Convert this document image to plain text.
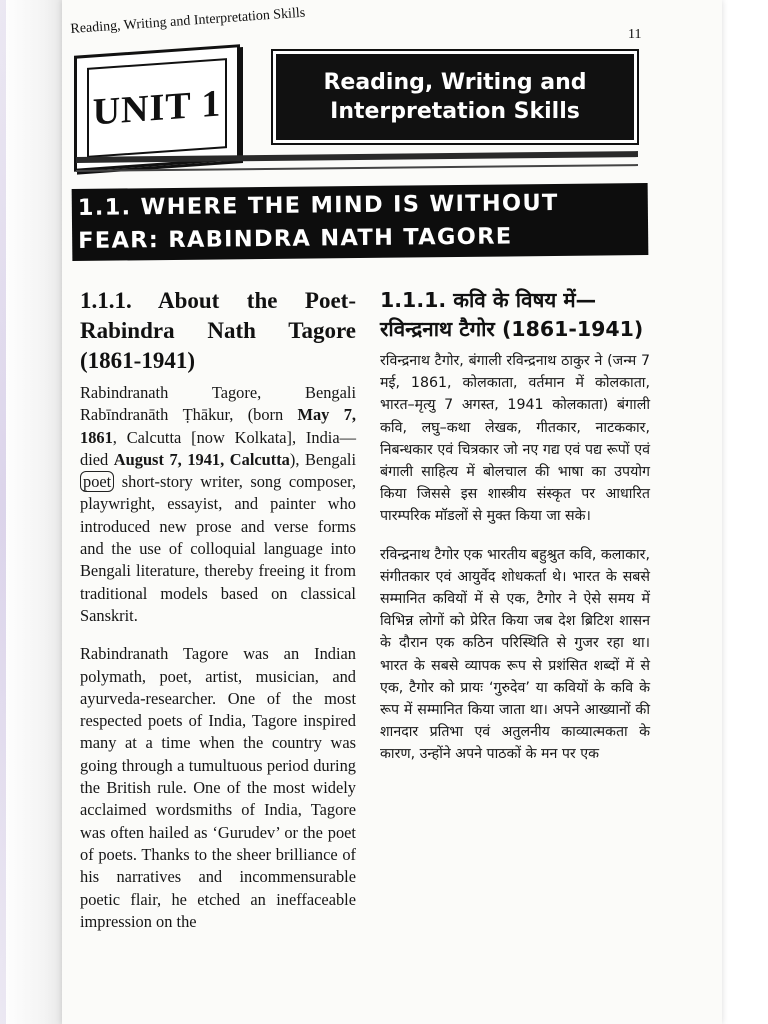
Reading, Writing and Interpretation Skills	11
UNIT 1	Reading, Writing and
Interpretation Skills
1.1. WHERE THE MIND IS WITHOUT
FEAR: RABINDRA NATH TAGORE
1.1.1. About the Poet-Rabindra Nath Tagore (1861-1941)

Rabindranath Tagore, Bengali Rabīndranāth Ṭhākur, (born May 7, 1861, Calcutta [now Kolkata], India—died August 7, 1941, Calcutta), Bengali poet short-story writer, song composer, playwright, essayist, and painter who introduced new prose and verse forms and the use of colloquial language into Bengali literature, thereby freeing it from traditional models based on classical Sanskrit.

Rabindranath Tagore was an Indian polymath, poet, artist, musician, and ayurveda-researcher. One of the most respected poets of India, Tagore inspired many at a time when the country was going through a tumultuous period during the British rule. One of the most widely acclaimed wordsmiths of India, Tagore was often hailed as ‘Gurudev’ or the poet of poets. Thanks to the sheer brilliance of his narratives and incommensurable poetic flair, he etched an ineffaceable impression on the

1.1.1. कवि के विषय में— रविन्द्रनाथ टैगोर (1861-1941)

रविन्द्रनाथ टैगोर, बंगाली रविन्द्रनाथ ठाकुर ने (जन्म 7 मई, 1861, कोलकाता, वर्तमान में कोलकाता, भारत–मृत्यु 7 अगस्त, 1941 कोलकाता) बंगाली कवि, लघु–कथा लेखक, गीतकार, नाटककार, निबन्धकार एवं चित्रकार जो नए गद्य एवं पद्य रूपों एवं बंगाली साहित्य में बोलचाल की भाषा का उपयोग किया जिससे इस शास्त्रीय संस्कृत पर आधारित पारम्परिक मॉडलों से मुक्त किया जा सके।

रविन्द्रनाथ टैगोर एक भारतीय बहुश्रुत कवि, कलाकार, संगीतकार एवं आयुर्वेद शोधकर्ता थे। भारत के सबसे सम्मानित कवियों में से एक, टैगोर ने ऐसे समय में विभिन्न लोगों को प्रेरित किया जब देश ब्रिटिश शासन के दौरान एक कठिन परिस्थिति से गुजर रहा था। भारत के सबसे व्यापक रूप से प्रशंसित शब्दों में से एक, टैगोर को प्रायः ‘गुरुदेव’ या कवियों के कवि के रूप में सम्मानित किया जाता था। अपने आख्यानों की शानदार प्रतिभा एवं अतुलनीय काव्यात्मकता के कारण, उन्होंने अपने पाठकों के मन पर एक
